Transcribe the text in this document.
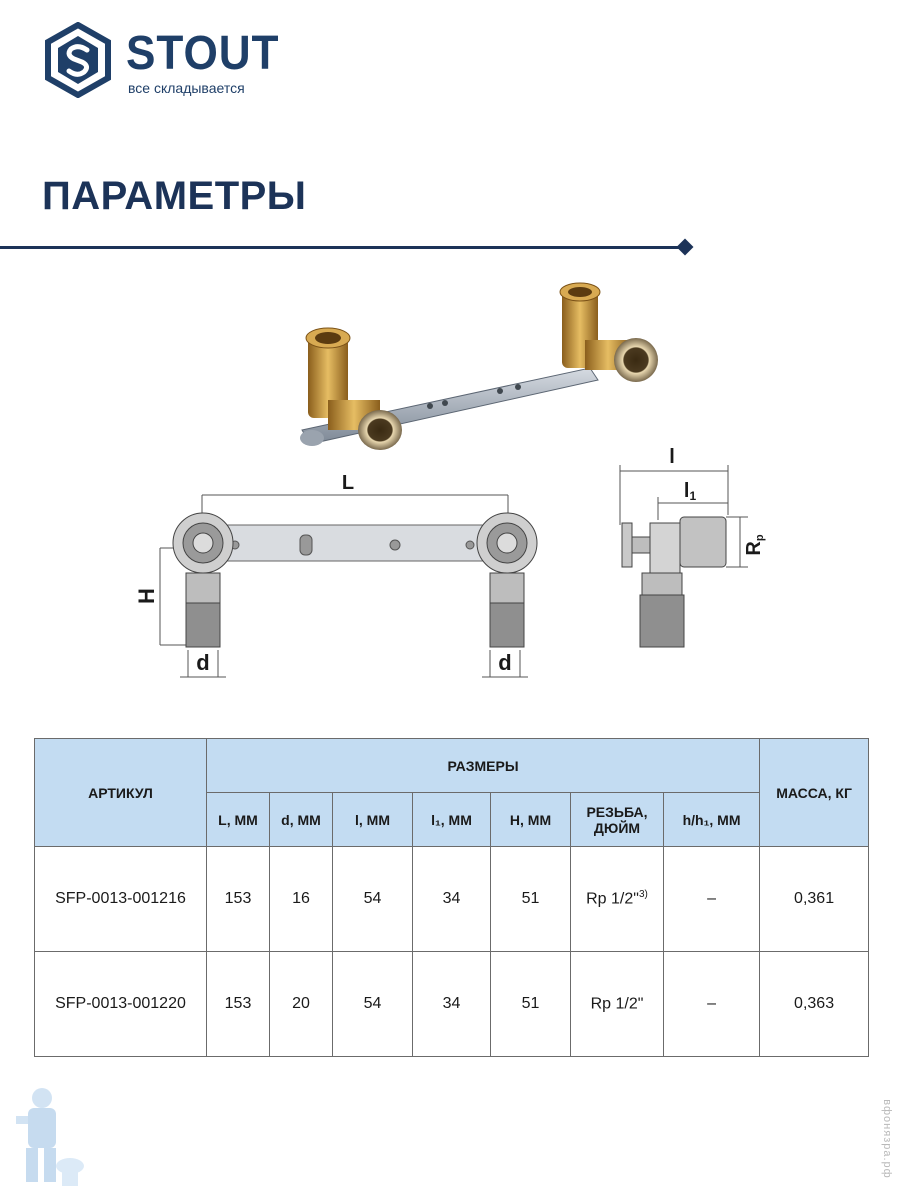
STOUT
все складывается
ПАРАМЕТРЫ
L
H
d	d
l
l1
Rp
АРТИКУЛ	РАЗМЕРЫ							МАССА, КГ
	L, ММ	d, ММ	l, ММ	l₁, ММ	H, ММ	РЕЗЬБА,
ДЮЙМ	h/h₁, ММ	
SFP-0013-001216	153	16	54	34	51	Rp 1/2"$^{3)}$	–	0,361
SFP-0013-001220	153	20	54	34	51	Rp 1/2"	–	0,363
вфонязра.рф
